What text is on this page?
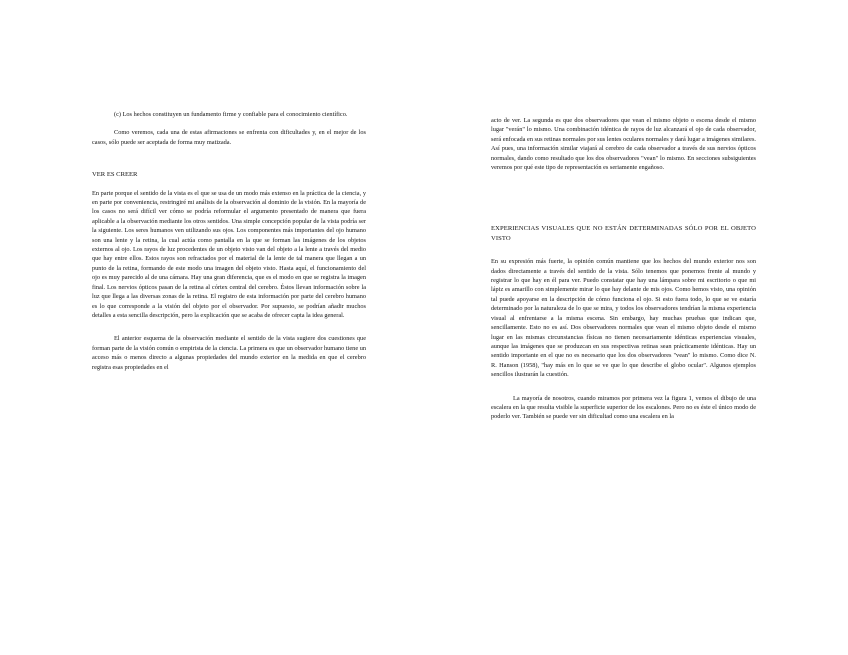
(c) Los hechos constituyen un fundamento firme y confiable para el conocimiento científico.

Como veremos, cada una de estas afirmaciones se enfrenta con dificultades y, en el mejor de los casos, sólo puede ser aceptada de forma muy matizada.

VER ES CREER

En parte porque el sentido de la vista es el que se usa de un modo más extenso en la práctica de la ciencia, y en parte por conveniencia, restringiré mi análisis de la observación al dominio de la visión. En la mayoría de los casos no será difícil ver cómo se podría reformular el argumento presentado de manera que fuera aplicable a la observación mediante los otros sentidos. Una simple concepción popular de la vista podría ser la siguiente. Los seres humanos ven utilizando sus ojos. Los componentes más importantes del ojo humano son una lente y la retina, la cual actúa como pantalla en la que se forman las imágenes de los objetos externos al ojo. Los rayos de luz procedentes de un objeto visto van del objeto a la lente a través del medio que hay entre ellos. Estos rayos son refractados por el material de la lente de tal manera que llegan a un punto de la retina, formando de este modo una imagen del objeto visto. Hasta aquí, el funcionamiento del ojo es muy parecido al de una cámara. Hay una gran diferencia, que es el modo en que se registra la imagen final. Los nervios ópticos pasan de la retina al córtex central del cerebro. Éstos llevan información sobre la luz que llega a las diversas zonas de la retina. El registro de esta información por parte del cerebro humano es lo que corresponde a la visión del objeto por el observador. Por supuesto, se podrían añadir muchos detalles a esta sencilla descripción, pero la explicación que se acaba de ofrecer capta la idea general.

El anterior esquema de la observación mediante el sentido de la vista sugiere dos cuestiones que forman parte de la visión común o empirista de la ciencia. La primera es que un observador humano tiene un acceso más o menos directo a algunas propiedades del mundo exterior en la medida en que el cerebro registra esas propiedades en el

acto de ver. La segunda es que dos observadores que vean el mismo objeto o escena desde el mismo lugar "verán" lo mismo. Una combinación idéntica de rayos de luz alcanzará el ojo de cada observador, será enfocada en sus retinas normales por sus lentes oculares normales y dará lugar a imágenes similares. Así pues, una información similar viajará al cerebro de cada observador a través de sus nervios ópticos normales, dando como resultado que los dos observadores "vean" lo mismo. En secciones subsiguientes veremos por qué este tipo de representación es seriamente engañoso.

EXPERIENCIAS VISUALES QUE NO ESTÁN DETERMINADAS SÓLO POR EL OBJETO VISTO

En su expresión más fuerte, la opinión común mantiene que los hechos del mundo exterior nos son dados directamente a través del sentido de la vista. Sólo tenemos que ponernos frente al mundo y registrar lo que hay en él para ver. Puedo constatar que hay una lámpara sobre mi escritorio o que mi lápiz es amarillo con simplemente mirar lo que hay delante de mis ojos. Como hemos visto, una opinión tal puede apoyarse en la descripción de cómo funciona el ojo. Si esto fuera todo, lo que se ve estaría determinado por la naturaleza de lo que se mira, y todos los observadores tendrían la misma experiencia visual al enfrentarse a la misma escena. Sin embargo, hay muchas pruebas que indican que, sencillamente. Esto no es así. Dos observadores normales que vean el mismo objeto desde el mismo lugar en las mismas circunstancias físicas no tienen necesariamente idénticas experiencias visuales, aunque las imágenes que se produzcan en sus respectivas retinas sean prácticamente idénticas. Hay un sentido importante en el que no es necesario que los dos observadores "vean" lo mismo. Como dice N. R. Hanson (1958), "hay más en lo que se ve que lo que describe el globo ocular". Algunos ejemplos sencillos ilustrarán la cuestión.

La mayoría de nosotros, cuando miramos por primera vez la figura 1, vemos el dibujo de una escalera en la que resulta visible la superficie superior de los escalones. Pero no es éste el único modo de poderlo ver. También se puede ver sin dificultad como una escalera en la
